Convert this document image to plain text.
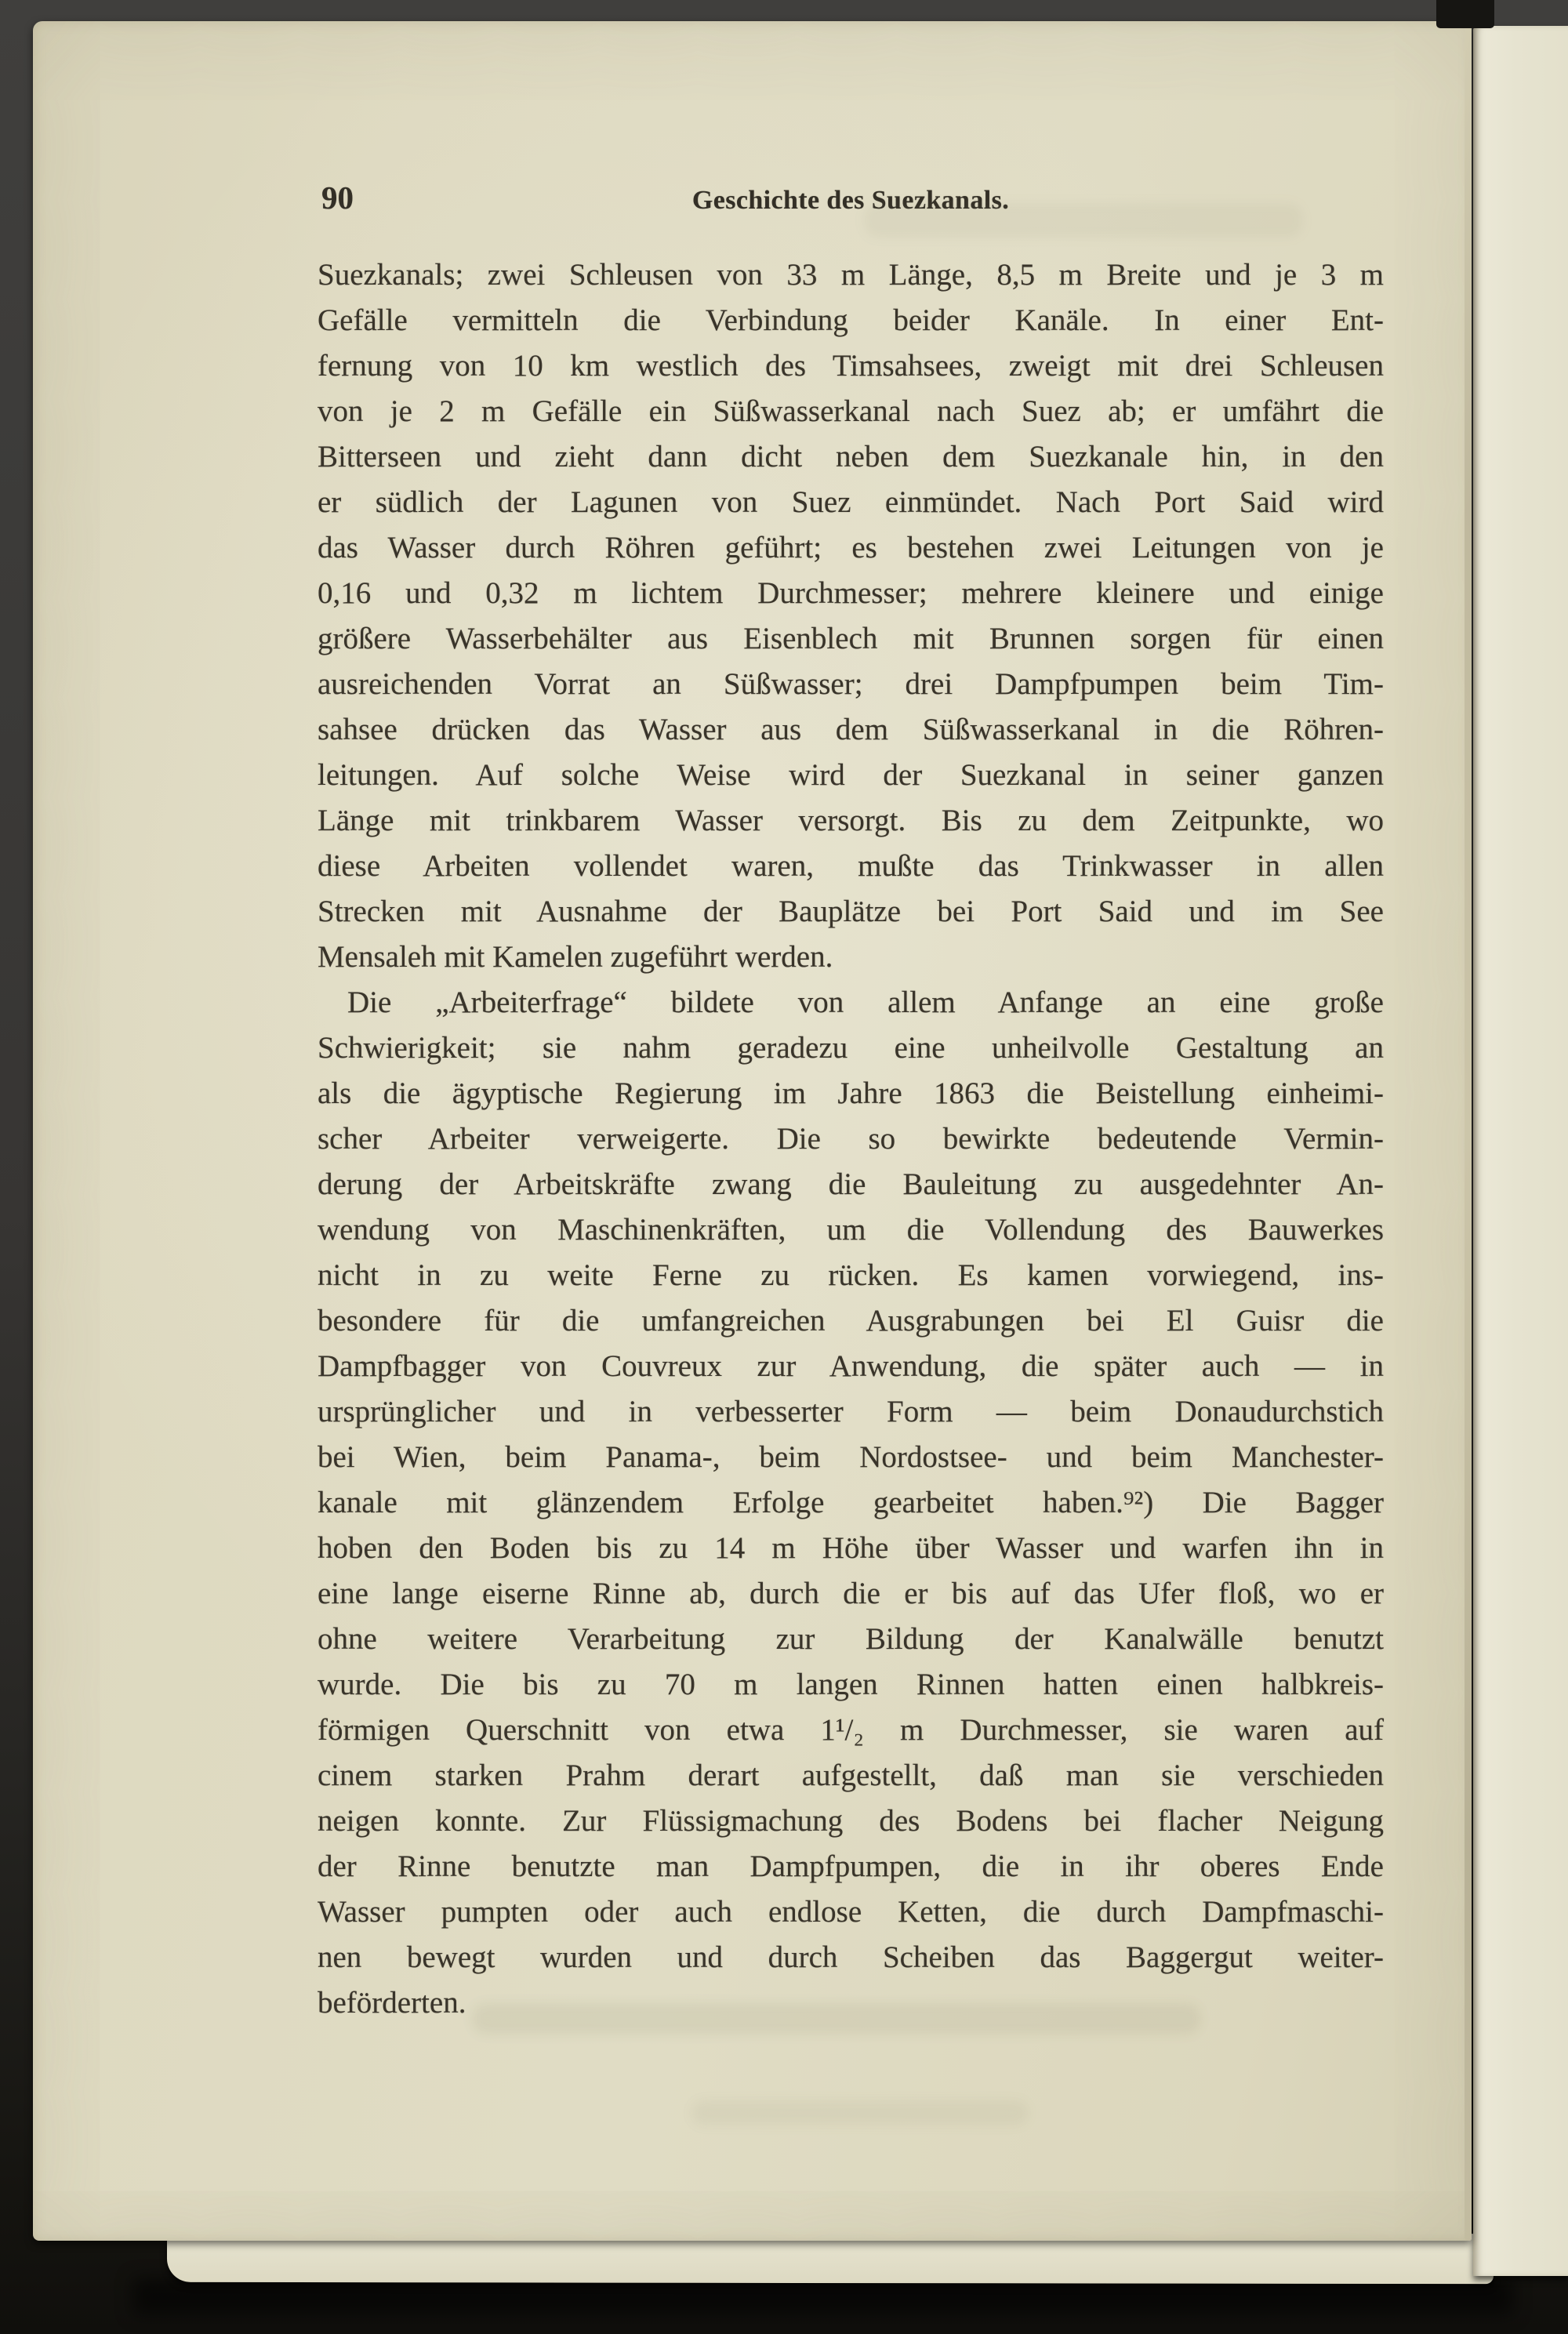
90	Geschichte des Suezkanals.
Suezkanals; zwei Schleusen von 33 m Länge, 8,5 m Breite und je 3 m
Gefälle vermitteln die Verbindung beider Kanäle. In einer Ent-
fernung von 10 km westlich des Timsahsees, zweigt mit drei Schleusen
von je 2 m Gefälle ein Süßwasserkanal nach Suez ab; er umfährt die
Bitterseen und zieht dann dicht neben dem Suezkanale hin, in den
er südlich der Lagunen von Suez einmündet. Nach Port Said wird
das Wasser durch Röhren geführt; es bestehen zwei Leitungen von je
0,16 und 0,32 m lichtem Durchmesser; mehrere kleinere und einige
größere Wasserbehälter aus Eisenblech mit Brunnen sorgen für einen
ausreichenden Vorrat an Süßwasser; drei Dampfpumpen beim Tim-
sahsee drücken das Wasser aus dem Süßwasserkanal in die Röhren-
leitungen. Auf solche Weise wird der Suezkanal in seiner ganzen
Länge mit trinkbarem Wasser versorgt. Bis zu dem Zeitpunkte, wo
diese Arbeiten vollendet waren, mußte das Trinkwasser in allen
Strecken mit Ausnahme der Bauplätze bei Port Said und im See
Mensaleh mit Kamelen zugeführt werden.
Die „Arbeiterfrage“ bildete von allem Anfange an eine große
Schwierigkeit; sie nahm geradezu eine unheilvolle Gestaltung an
als die ägyptische Regierung im Jahre 1863 die Beistellung einheimi-
scher Arbeiter verweigerte. Die so bewirkte bedeutende Vermin-
derung der Arbeitskräfte zwang die Bauleitung zu ausgedehnter An-
wendung von Maschinenkräften, um die Vollendung des Bauwerkes
nicht in zu weite Ferne zu rücken. Es kamen vorwiegend, ins-
besondere für die umfangreichen Ausgrabungen bei El Guisr die
Dampfbagger von Couvreux zur Anwendung, die später auch — in
ursprünglicher und in verbesserter Form — beim Donaudurchstich
bei Wien, beim Panama-, beim Nordostsee- und beim Manchester-
kanale mit glänzendem Erfolge gearbeitet haben.⁹²) Die Bagger
hoben den Boden bis zu 14 m Höhe über Wasser und warfen ihn in
eine lange eiserne Rinne ab, durch die er bis auf das Ufer floß, wo er
ohne weitere Verarbeitung zur Bildung der Kanalwälle benutzt
wurde. Die bis zu 70 m langen Rinnen hatten einen halbkreis-
förmigen Querschnitt von etwa 1¹/₂ m Durchmesser, sie waren auf
cinem starken Prahm derart aufgestellt, daß man sie verschieden
neigen konnte. Zur Flüssigmachung des Bodens bei flacher Neigung
der Rinne benutzte man Dampfpumpen, die in ihr oberes Ende
Wasser pumpten oder auch endlose Ketten, die durch Dampfmaschi-
nen bewegt wurden und durch Scheiben das Baggergut weiter-
beförderten.
